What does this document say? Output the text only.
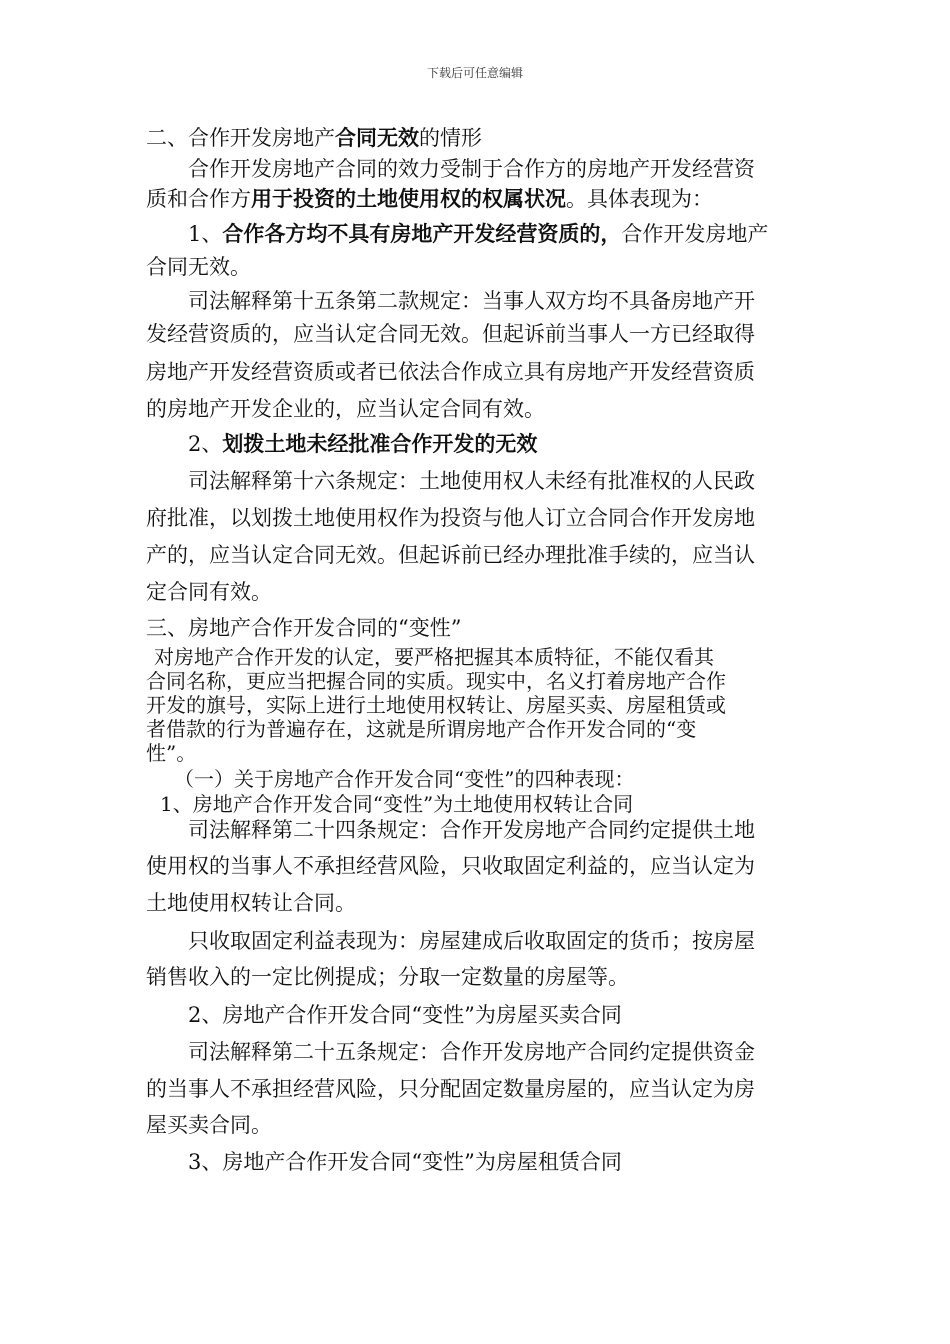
下载后可任意编辑
二、合作开发房地产合同无效的情形
合作开发房地产合同的效力受制于合作方的房地产开发经营资
质和合作方用于投资的土地使用权的权属状况。具体表现为：
1、合作各方均不具有房地产开发经营资质的，合作开发房地产
合同无效。
司法解释第十五条第二款规定：当事人双方均不具备房地产开
发经营资质的，应当认定合同无效。但起诉前当事人一方已经取得
房地产开发经营资质或者已依法合作成立具有房地产开发经营资质
的房地产开发企业的，应当认定合同有效。
2、划拨土地未经批准合作开发的无效
司法解释第十六条规定：土地使用权人未经有批准权的人民政
府批准，以划拨土地使用权作为投资与他人订立合同合作开发房地
产的，应当认定合同无效。但起诉前已经办理批准手续的，应当认
定合同有效。
三、房地产合作开发合同的“变性”
对房地产合作开发的认定，要严格把握其本质特征，不能仅看其
合同名称，更应当把握合同的实质。现实中，名义打着房地产合作
开发的旗号，实际上进行土地使用权转让、房屋买卖、房屋租赁或
者借款的行为普遍存在，这就是所谓房地产合作开发合同的“变
性”。
（一）关于房地产合作开发合同“变性”的四种表现：
1、房地产合作开发合同“变性”为土地使用权转让合同
司法解释第二十四条规定：合作开发房地产合同约定提供土地
使用权的当事人不承担经营风险，只收取固定利益的，应当认定为
土地使用权转让合同。
只收取固定利益表现为：房屋建成后收取固定的货币；按房屋
销售收入的一定比例提成；分取一定数量的房屋等。
2、房地产合作开发合同“变性”为房屋买卖合同
司法解释第二十五条规定：合作开发房地产合同约定提供资金
的当事人不承担经营风险，只分配固定数量房屋的，应当认定为房
屋买卖合同。
3、房地产合作开发合同“变性”为房屋租赁合同
